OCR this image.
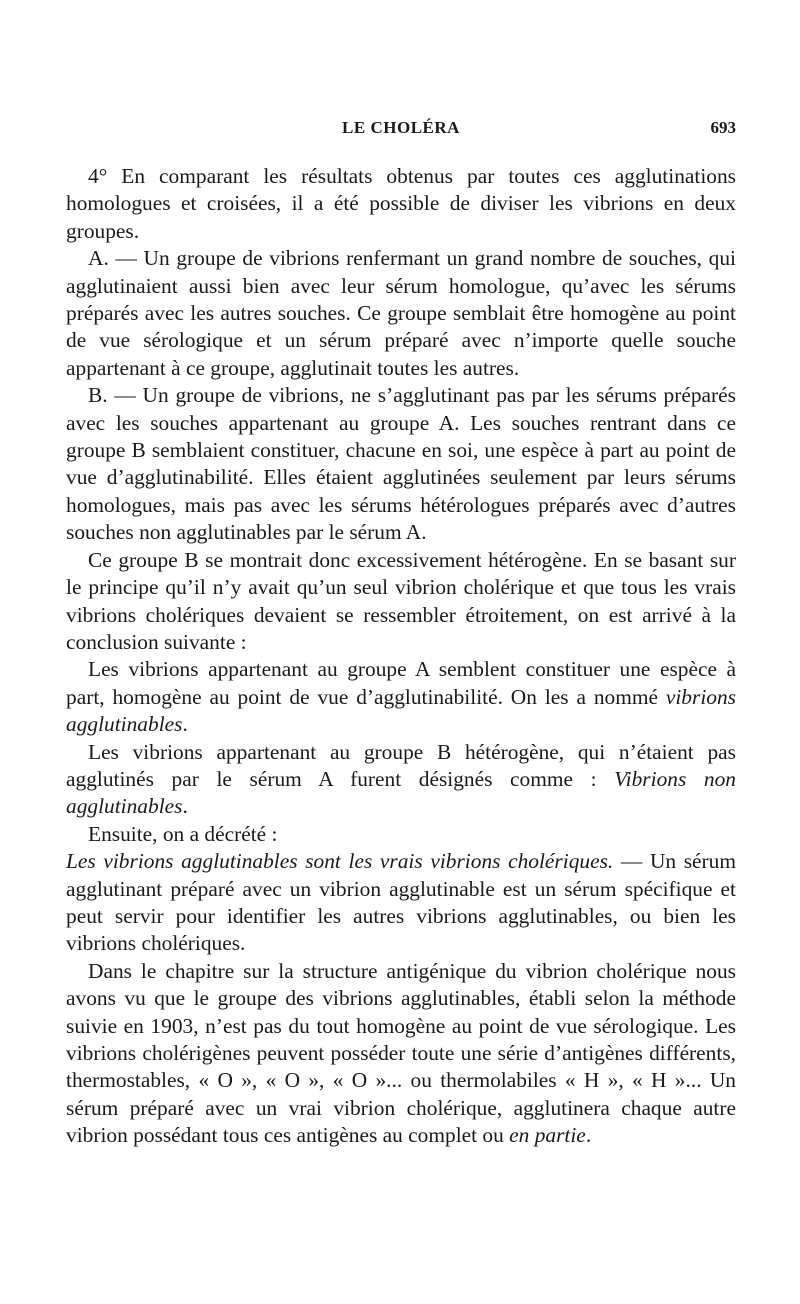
LE CHOLÉRA	693

4° En comparant les résultats obtenus par toutes ces agglutinations homologues et croisées, il a été possible de diviser les vibrions en deux groupes.

A. — Un groupe de vibrions renfermant un grand nombre de souches, qui agglutinaient aussi bien avec leur sérum homologue, qu’avec les sérums préparés avec les autres souches. Ce groupe semblait être homogène au point de vue sérologique et un sérum préparé avec n’importe quelle souche appartenant à ce groupe, agglutinait toutes les autres.

B. — Un groupe de vibrions, ne s’agglutinant pas par les sérums préparés avec les souches appartenant au groupe A. Les souches rentrant dans ce groupe B semblaient constituer, chacune en soi, une espèce à part au point de vue d’agglutinabilité. Elles étaient agglutinées seulement par leurs sérums homologues, mais pas avec les sérums hétérologues préparés avec d’autres souches non agglutinables par le sérum A.

Ce groupe B se montrait donc excessivement hétérogène. En se basant sur le principe qu’il n’y avait qu’un seul vibrion cholérique et que tous les vrais vibrions cholériques devaient se ressembler étroitement, on est arrivé à la conclusion suivante :

Les vibrions appartenant au groupe A semblent constituer une espèce à part, homogène au point de vue d’agglutinabilité. On les a nommé vibrions agglutinables.

Les vibrions appartenant au groupe B hétérogène, qui n’étaient pas agglutinés par le sérum A furent désignés comme : Vibrions non agglutinables.

Ensuite, on a décrété :

Les vibrions agglutinables sont les vrais vibrions cholériques. — Un sérum agglutinant préparé avec un vibrion agglutinable est un sérum spécifique et peut servir pour identifier les autres vibrions agglutinables, ou bien les vibrions cholériques.

Dans le chapitre sur la structure antigénique du vibrion cholérique nous avons vu que le groupe des vibrions agglutinables, établi selon la méthode suivie en 1903, n’est pas du tout homogène au point de vue sérologique. Les vibrions cholérigènes peuvent posséder toute une série d’antigènes différents, thermostables, « O », « O », « O »... ou thermolabiles « H », « H »... Un sérum préparé avec un vrai vibrion cholérique, agglutinera chaque autre vibrion possédant tous ces antigènes au complet ou en partie.
